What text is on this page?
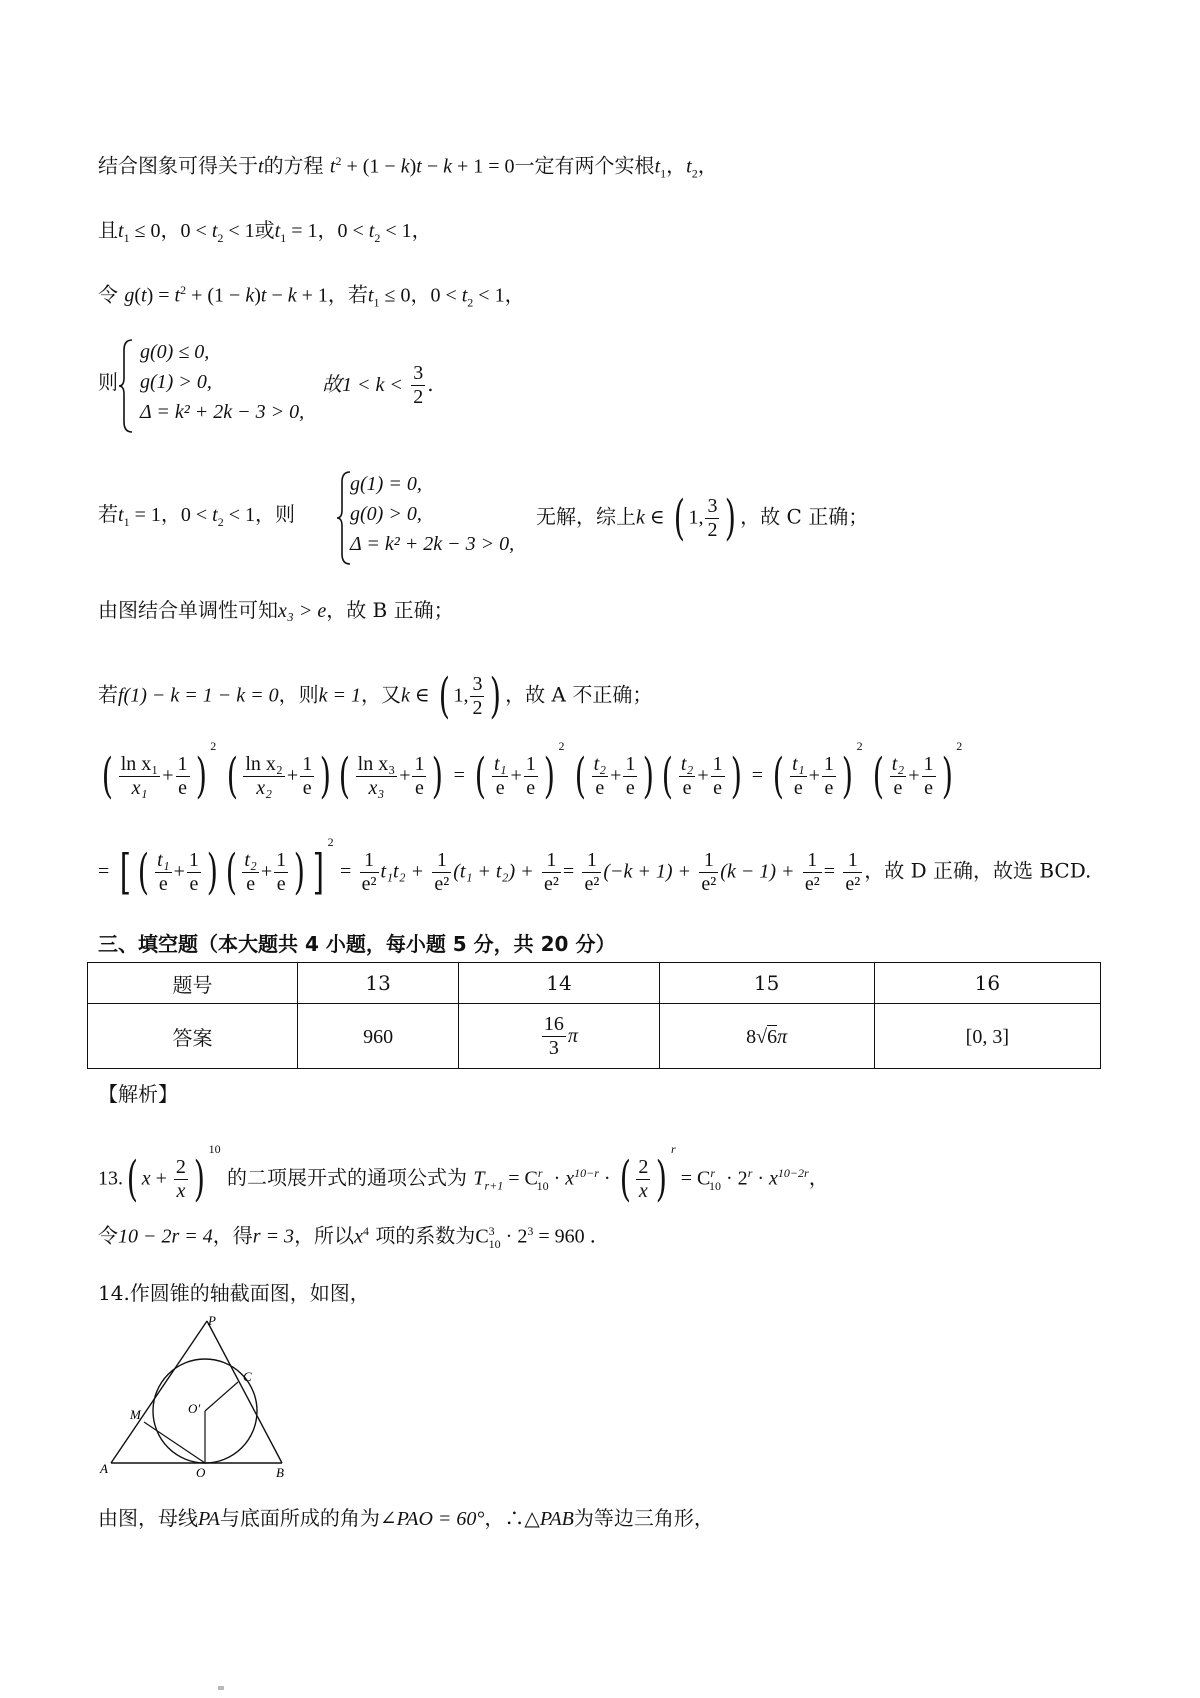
结合图象可得关于t的方程 $t^2 + (1 - k)t - k + 1 = 0$一定有两个实根$t_1$，$t_2$，
且$t_1 \le 0$，$0 < t_2 < 1$或$t_1 = 1$，$0 < t_2 < 1$，
令 $g(t) = t^2 + (1 - k)t - k + 1$，若$t_1 \le 0$，$0 < t_2 < 1$，
则
g(0) ≤ 0,
g(1) > 0,
Δ = k² + 2k − 3 > 0,
故$1 < k < \frac{3}{2}$ .
若$t_1 = 1$，$0 < t_2 < 1$，则
g(1) = 0,
g(0) > 0,
Δ = k² + 2k − 3 > 0,
无解，综上k ∈ ( 1, $\frac{3}{2}$ ) ，故 C 正确；
由图结合单调性可知x₃ > e，故 B 正确；
若f(1) − k = 1 − k = 0，则k = 1，又k ∈ ( 1, $\frac{3}{2}$ ) ，故 A 不正确；
( $\frac{\text{ln x₁}}{\text{x₁}} + \frac{1}{e} )^2$ ( $\frac{\text{ln x₂}}{\text{x₂}} + \frac{1}{e}$ ) ( $\frac{\text{ln x₃}}{\text{x₃}} + \frac{1}{e}$ ) = ( $\frac{\text{t₁}}{e} + \frac{1}{e} )^2$ ( $\frac{\text{t₂}}{e} + \frac{1}{e}$ ) ( $\frac{\text{t₂}}{e} + \frac{1}{e}$ ) = ( $\frac{\text{t₁}}{e} + \frac{1}{e} )^2$ ( $\frac{\text{t₂}}{e} + \frac{1}{e} )^2$
= [ ( $\frac{\text{t₁}}{e} + \frac{1}{e}$ ) ( $\frac{\text{t₂}}{e} + \frac{1}{e}$ ) ]$^2 = \frac{1}{\text{e²}} t_1t_2 + \frac{1}{\text{e²}} (t_1 + t_2) + \frac{1}{\text{e²}} = \frac{1}{\text{e²}} (-k + 1) + \frac{1}{\text{e²}} (k - 1) + \frac{1}{\text{e²}} = \frac{1}{\text{e²}}$ ，故 D 正确，故选 BCD.
三、填空题（本大题共 4 小题，每小题 5 分，共 20 分）
题号	13	14	15	16
答案	960	$\frac{16}{3}$ π	8√6π	[0, 3]
【解析】
13.( $x + \frac{2}{x} )^{10}$ 的二项展开式的通项公式为 $T_{r+1} = C^r_{10} \cdot x^{10-r}$ · ( $\frac{2}{x} )^r = C^r_{10} \cdot 2^r \cdot x^{10-2r}$，
令10 − 2r = 4，得r = 3，所以$x^4$ 项的系数为$C^3_{10} \cdot 2^3 = 960$ .
14.作圆锥的轴截面图，如图，
P
M
C
O′
A	O	B
由图，母线PA与底面所成的角为∠PAO = 60°，∴△PAB为等边三角形，
